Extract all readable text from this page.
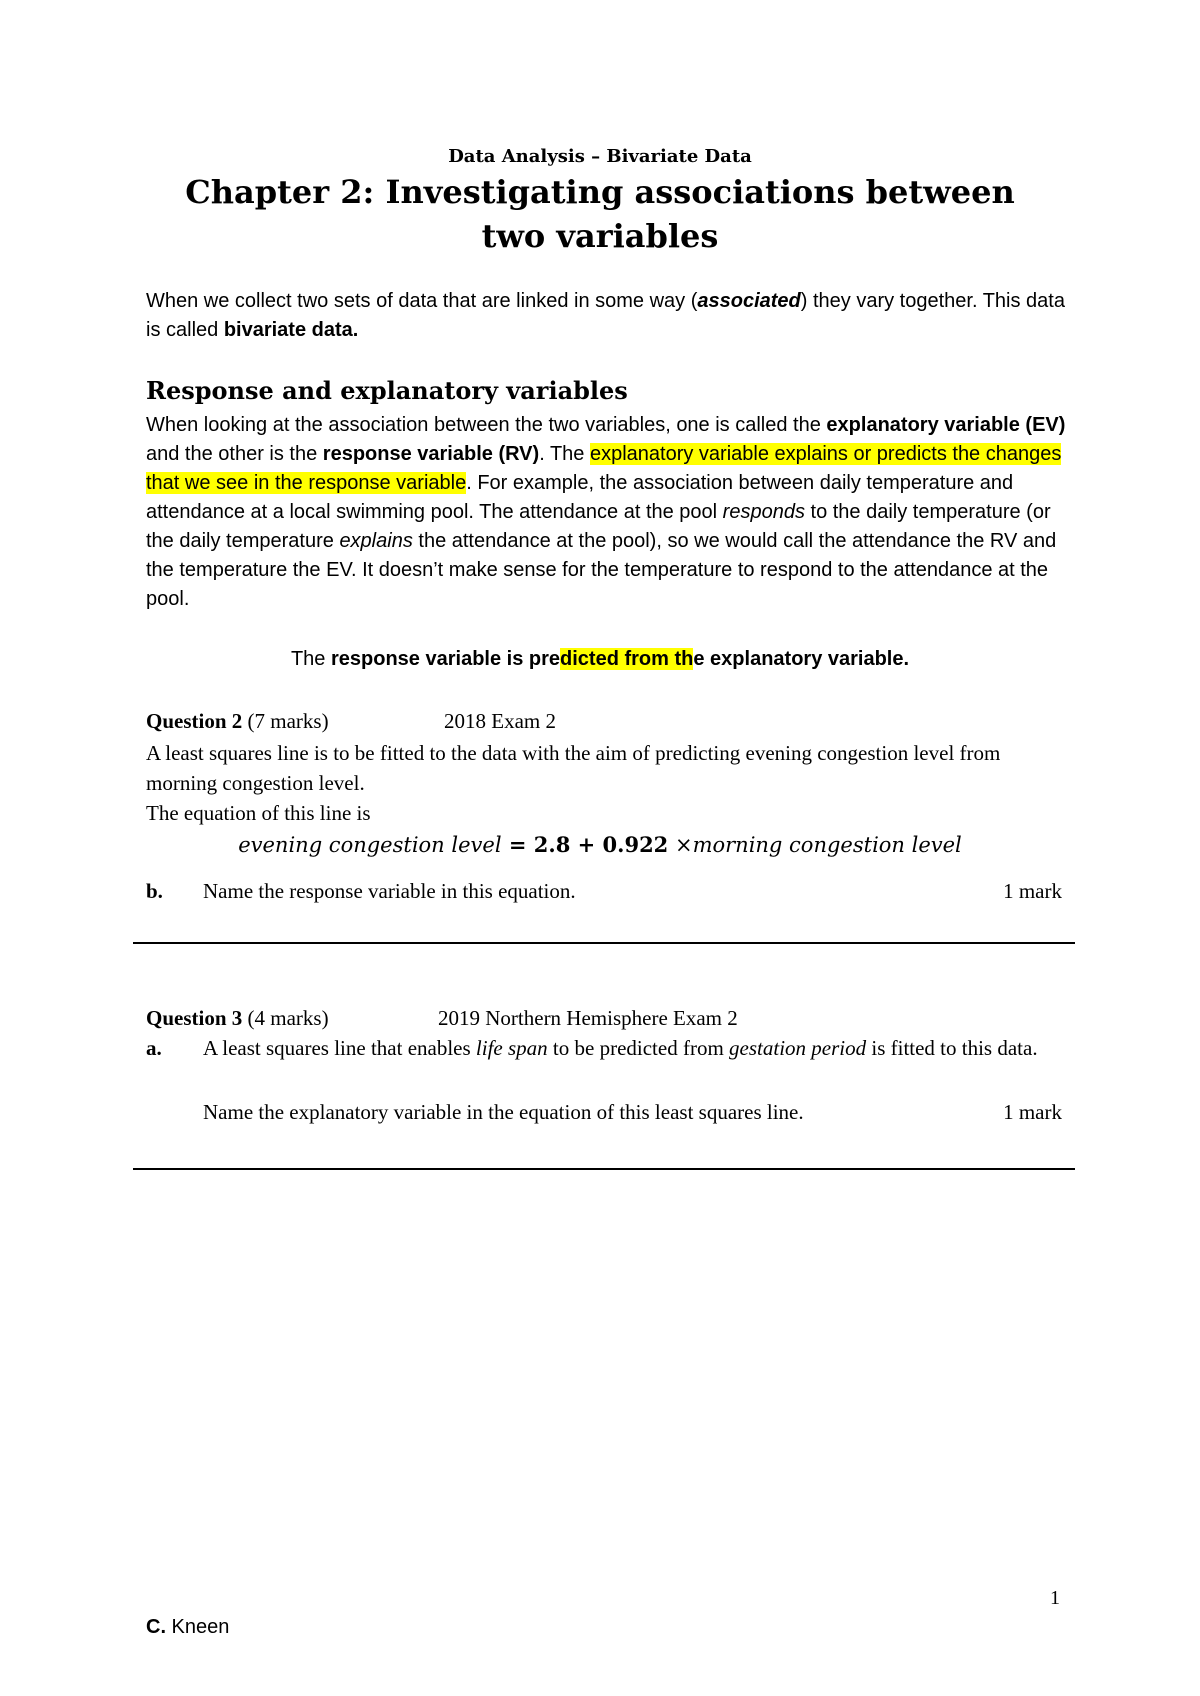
Data Analysis – Bivariate Data
Chapter 2: Investigating associations between two variables
When we collect two sets of data that are linked in some way (associated) they vary together. This data is called bivariate data.
Response and explanatory variables
When looking at the association between the two variables, one is called the explanatory variable (EV) and the other is the response variable (RV). The explanatory variable explains or predicts the changes that we see in the response variable. For example, the association between daily temperature and attendance at a local swimming pool. The attendance at the pool responds to the daily temperature (or the daily temperature explains the attendance at the pool), so we would call the attendance the RV and the temperature the EV. It doesn’t make sense for the temperature to respond to the attendance at the pool.
The response variable is predicted from the explanatory variable.
Question 2 (7 marks)	2018 Exam 2
A least squares line is to be fitted to the data with the aim of predicting evening congestion level from morning congestion level.
The equation of this line is
evening congestion level = 2.8 + 0.922 ×morning congestion level
b. Name the response variable in this equation.	1 mark
Question 3 (4 marks)	2019 Northern Hemisphere Exam 2
a. A least squares line that enables life span to be predicted from gestation period is fitted to this data.
Name the explanatory variable in the equation of this least squares line.	1 mark
1
C. Kneen
